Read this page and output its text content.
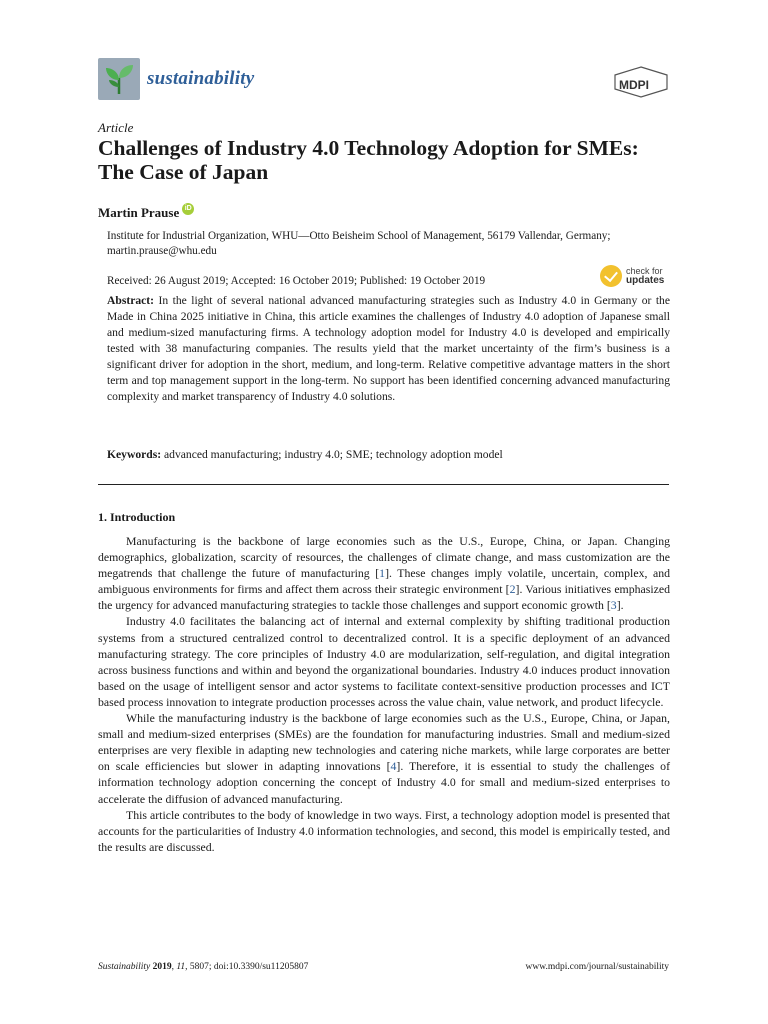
sustainability	MDPI
Article
Challenges of Industry 4.0 Technology Adoption for SMEs: The Case of Japan
Martin Prause iD
Institute for Industrial Organization, WHU—Otto Beisheim School of Management, 56179 Vallendar, Germany;
martin.prause@whu.edu
Received: 26 August 2019; Accepted: 16 October 2019; Published: 19 October 2019
check for
updates

Abstract: In the light of several national advanced manufacturing strategies such as Industry 4.0 in Germany or the Made in China 2025 initiative in China, this article examines the challenges of Industry 4.0 adoption of Japanese small and medium-sized manufacturing firms. A technology adoption model for Industry 4.0 is developed and empirically tested with 38 manufacturing companies. The results yield that the market uncertainty of the firm’s business is a significant driver for adoption in the short, medium, and long-term. Relative competitive advantage matters in the short term and top management support in the long-term. No support has been identified concerning advanced manufacturing complexity and market transparency of Industry 4.0 solutions.

Keywords: advanced manufacturing; industry 4.0; SME; technology adoption model

1. Introduction

Manufacturing is the backbone of large economies such as the U.S., Europe, China, or Japan. Changing demographics, globalization, scarcity of resources, the challenges of climate change, and mass customization are the megatrends that challenge the future of manufacturing [1]. These changes imply volatile, uncertain, complex, and ambiguous environments for firms and affect them across their strategic environment [2]. Various initiatives emphasized the urgency for advanced manufacturing strategies to tackle those challenges and support economic growth [3].

Industry 4.0 facilitates the balancing act of internal and external complexity by shifting traditional production systems from a structured centralized control to decentralized control. It is a specific deployment of an advanced manufacturing strategy. The core principles of Industry 4.0 are modularization, self-regulation, and digital integration across business functions and within and beyond the organizational boundaries. Industry 4.0 induces product innovation based on the usage of intelligent sensor and actor systems to facilitate context-sensitive production processes and ICT based process innovation to integrate production processes across the value chain, value network, and product lifecycle.

While the manufacturing industry is the backbone of large economies such as the U.S., Europe, China, or Japan, small and medium-sized enterprises (SMEs) are the foundation for manufacturing industries. Small and medium-sized enterprises are very flexible in adapting new technologies and catering niche markets, while large corporates are better on scale efficiencies but slower in adapting innovations [4]. Therefore, it is essential to study the challenges of information technology adoption concerning the concept of Industry 4.0 for small and medium-sized enterprises to accelerate the diffusion of advanced manufacturing.

This article contributes to the body of knowledge in two ways. First, a technology adoption model is presented that accounts for the particularities of Industry 4.0 information technologies, and second, this model is empirically tested, and the results are discussed.

Sustainability 2019, 11, 5807; doi:10.3390/su11205807	www.mdpi.com/journal/sustainability
